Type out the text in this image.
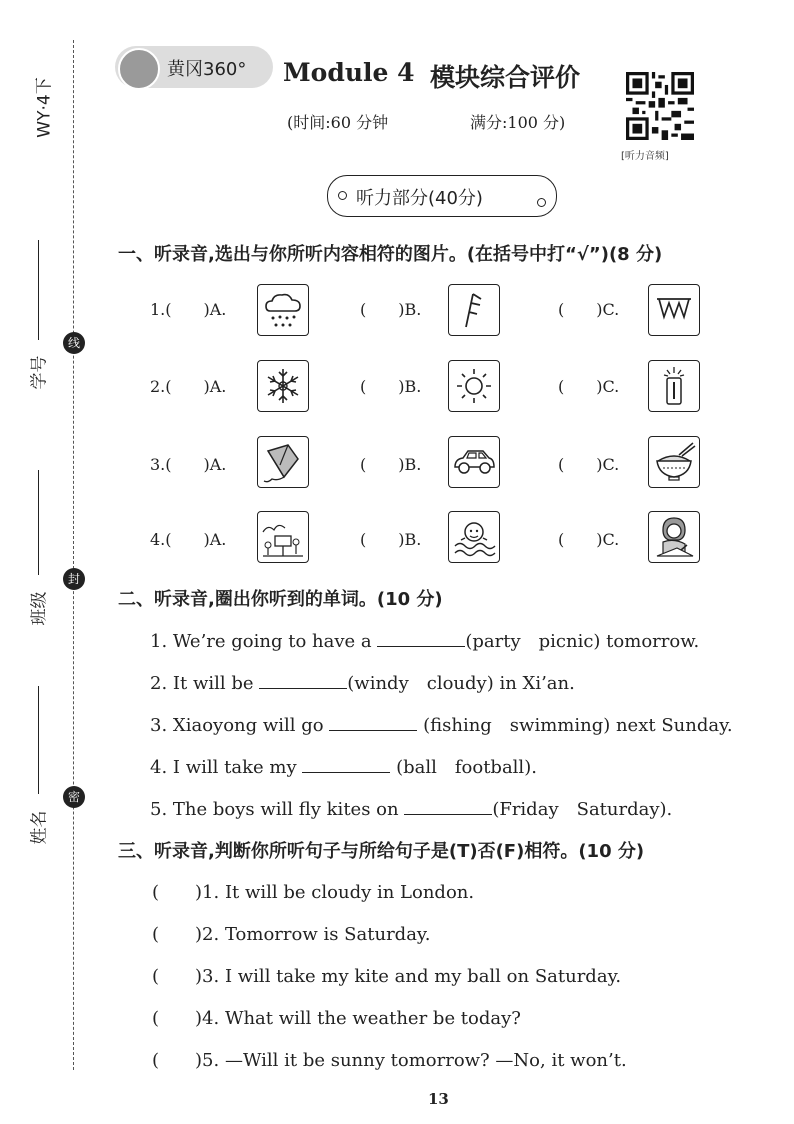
WY·4下
学号
线
班级
封
姓名
密
黄冈360° Module 4 模块综合评价
(时间:60 分钟	满分:100 分)
[听力音频]
听力部分(40分)
一、听录音,选出与你所听内容相符的图片。(在括号中打“√”)(8 分)
1.(　　)A.	(　　)B.	(　　)C.
2.(　　)A.	(　　)B.	(　　)C.
3.(　　)A.	(　　)B.	(　　)C.
4.(　　)A.	(　　)B.	(　　)C.
二、听录音,圈出你听到的单词。(10 分)
1. We’re going to have a	(party　picnic) tomorrow.
2. It will be	(windy　cloudy) in Xi’an.
3. Xiaoyong will go	(fishing　swimming) next Sunday.
4. I will take my	(ball　football).
5. The boys will fly kites on	(Friday　Saturday).
三、听录音,判断你所听句子与所给句子是(T)否(F)相符。(10 分)
(　　)1. It will be cloudy in London.
(　　)2. Tomorrow is Saturday.
(　　)3. I will take my kite and my ball on Saturday.
(　　)4. What will the weather be today?
(　　)5. —Will it be sunny tomorrow? —No, it won’t.
13
